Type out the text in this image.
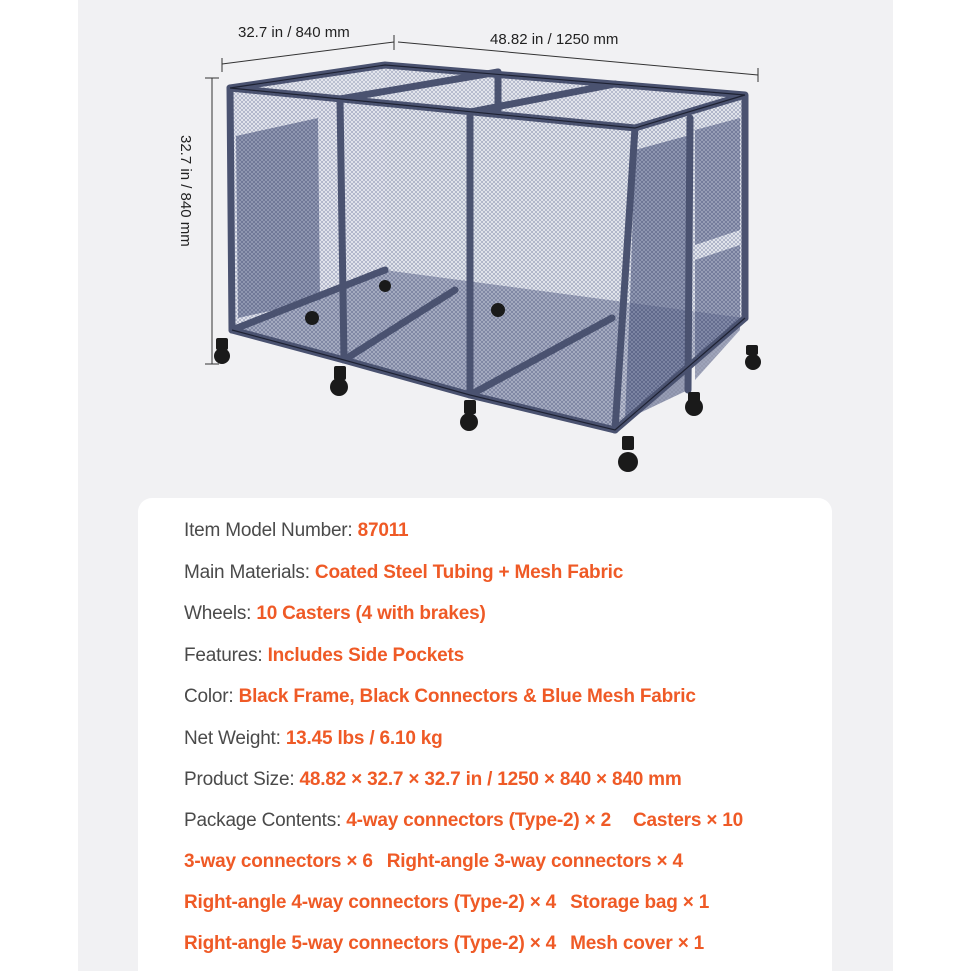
32.7 in / 840 mm	48.82 in / 1250 mm
32.7 in / 840 mm
Item Model Number: 87011
Main Materials: Coated Steel Tubing + Mesh Fabric
Wheels: 10 Casters (4 with brakes)
Features: Includes Side Pockets
Color: Black Frame, Black Connectors & Blue Mesh Fabric
Net Weight: 13.45 lbs / 6.10 kg
Product Size: 48.82 × 32.7 × 32.7 in / 1250 × 840 × 840 mm
Package Contents: 4-way connectors (Type-2) × 2 Casters × 10
3-way connectors × 6 Right-angle 3-way connectors × 4
Right-angle 4-way connectors (Type-2) × 4 Storage bag × 1
Right-angle 5-way connectors (Type-2) × 4 Mesh cover × 1
